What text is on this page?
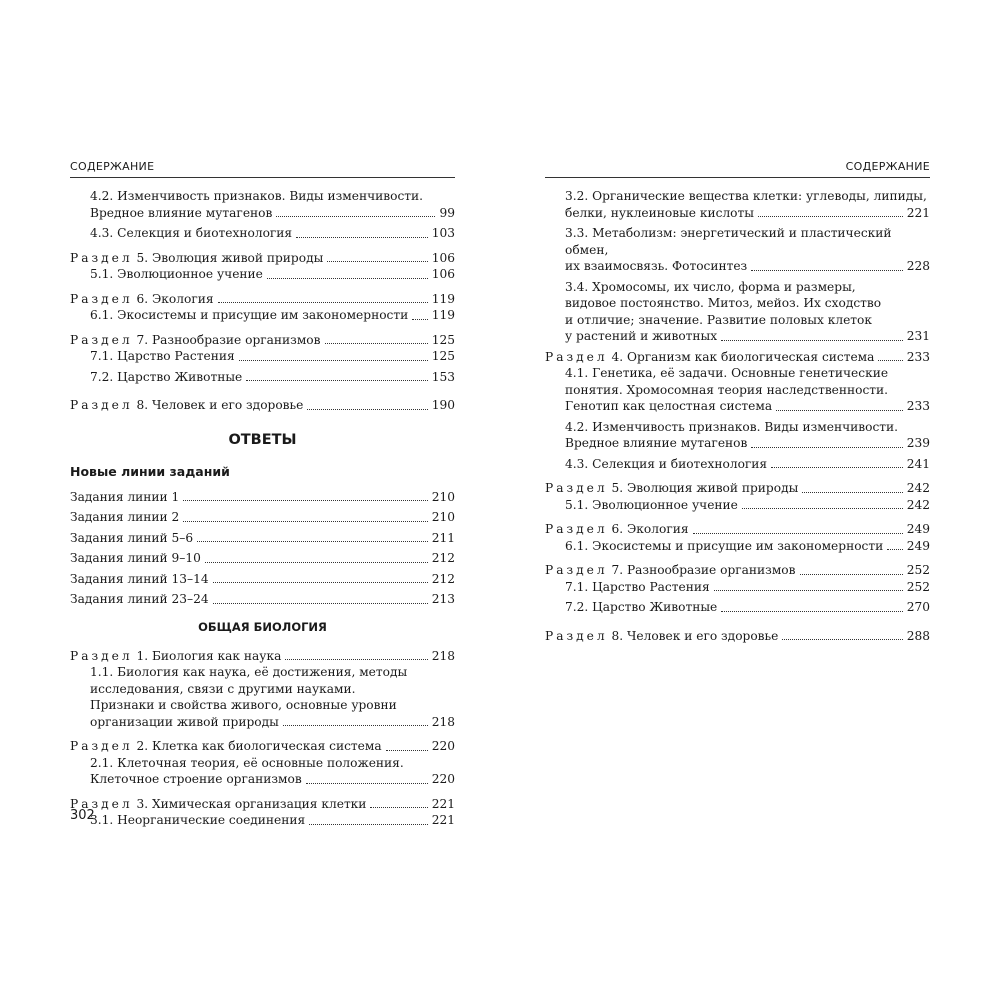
СОДЕРЖАНИЕ
4.2. Изменчивость признаков. Виды изменчивости.
Вредное влияние мутагенов	99
4.3. Селекция и биотехнология	103
Раздел 5. Эволюция живой природы	106
5.1. Эволюционное учение	106
Раздел 6. Экология	119
6.1. Экосистемы и присущие им закономерности 119
Раздел 7. Разнообразие организмов	125
7.1. Царство Растения	125
7.2. Царство Животные	153
Раздел 8. Человек и его здоровье	190
ОТВЕТЫ
Новые линии заданий
Задания линии 1	210
Задания линии 2	210
Задания линий 5–6	211
Задания линий 9–10	212
Задания линий 13–14	212
Задания линий 23–24	213
ОБЩАЯ БИОЛОГИЯ
Раздел 1. Биология как наука	218
1.1. Биология как наука, её достижения, методы
исследования, связи с другими науками.
Признаки и свойства живого, основные уровни
организации живой природы	218
Раздел 2. Клетка как биологическая система	220
2.1. Клеточная теория, её основные положения.
Клеточное строение организмов	220
Раздел 3. Химическая организация клетки	221
3.1. Неорганические соединения	221
302
СОДЕРЖАНИЕ
3.2. Органические вещества клетки: углеводы, липиды,
белки, нуклеиновые кислоты	221
3.3. Метаболизм: энергетический и пластический обмен,
их взаимосвязь. Фотосинтез	228
3.4. Хромосомы, их число, форма и размеры,
видовое постоянство. Митоз, мейоз. Их сходство
и отличие; значение. Развитие половых клеток
у растений и животных	231
Раздел 4. Организм как биологическая система	233
4.1. Генетика, её задачи. Основные генетические
понятия. Хромосомная теория наследственности.
Генотип как целостная система	233
4.2. Изменчивость признаков. Виды изменчивости.
Вредное влияние мутагенов	239
4.3. Селекция и биотехнология	241
Раздел 5. Эволюция живой природы	242
5.1. Эволюционное учение	242
Раздел 6. Экология	249
6.1. Экосистемы и присущие им закономерности 249
Раздел 7. Разнообразие организмов	252
7.1. Царство Растения	252
7.2. Царство Животные	270
Раздел 8. Человек и его здоровье	288
